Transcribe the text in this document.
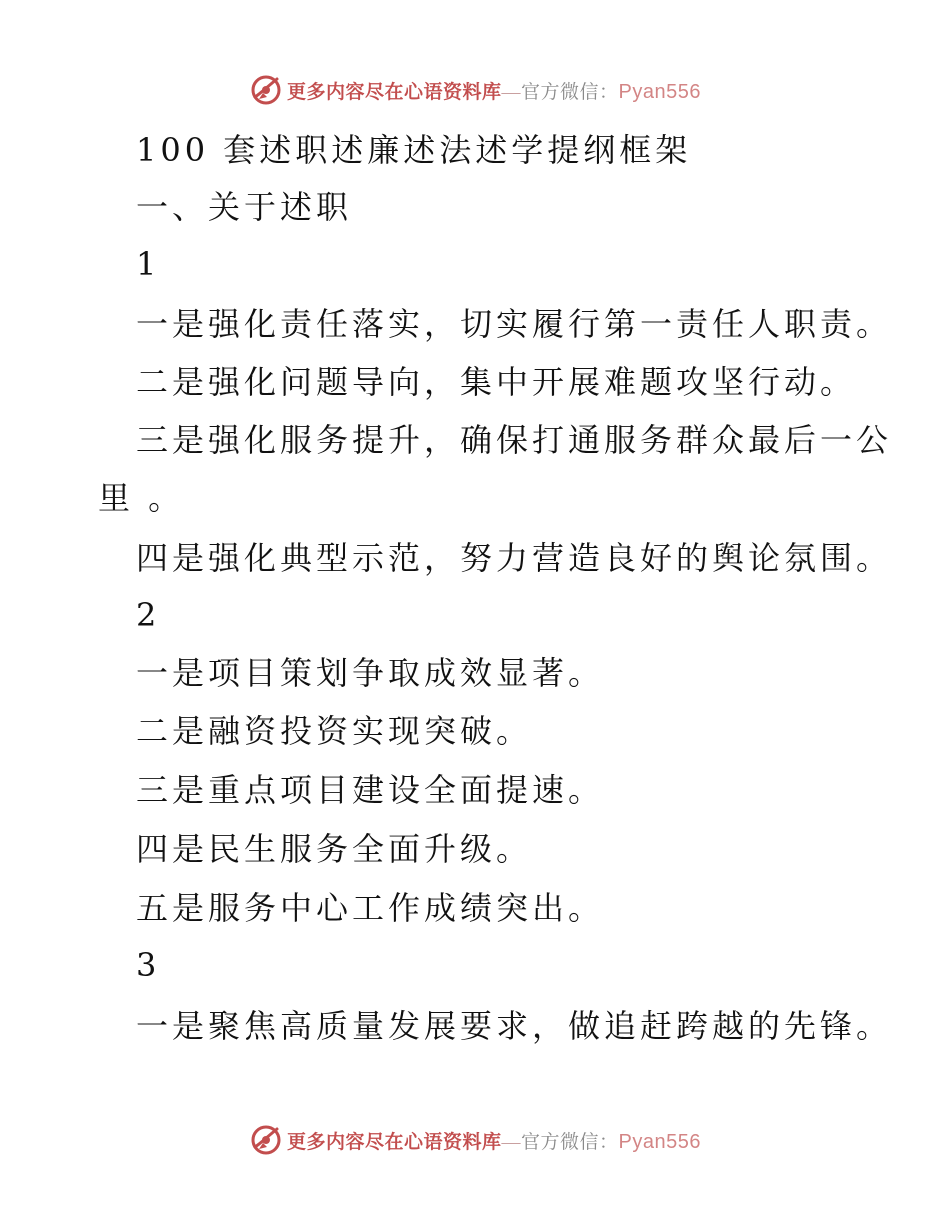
更多内容尽在心语资料库—官方微信：Pyan556
100 套述职述廉述法述学提纲框架
一、关于述职
1
一是强化责任落实，切实履行第一责任人职责。
二是强化问题导向，集中开展难题攻坚行动。
三是强化服务提升，确保打通服务群众最后一公
里 。
四是强化典型示范，努力营造良好的舆论氛围。
2
一是项目策划争取成效显著。
二是融资投资实现突破。
三是重点项目建设全面提速。
四是民生服务全面升级。
五是服务中心工作成绩突出。
3
一是聚焦高质量发展要求，做追赶跨越的先锋。
更多内容尽在心语资料库—官方微信：Pyan556
